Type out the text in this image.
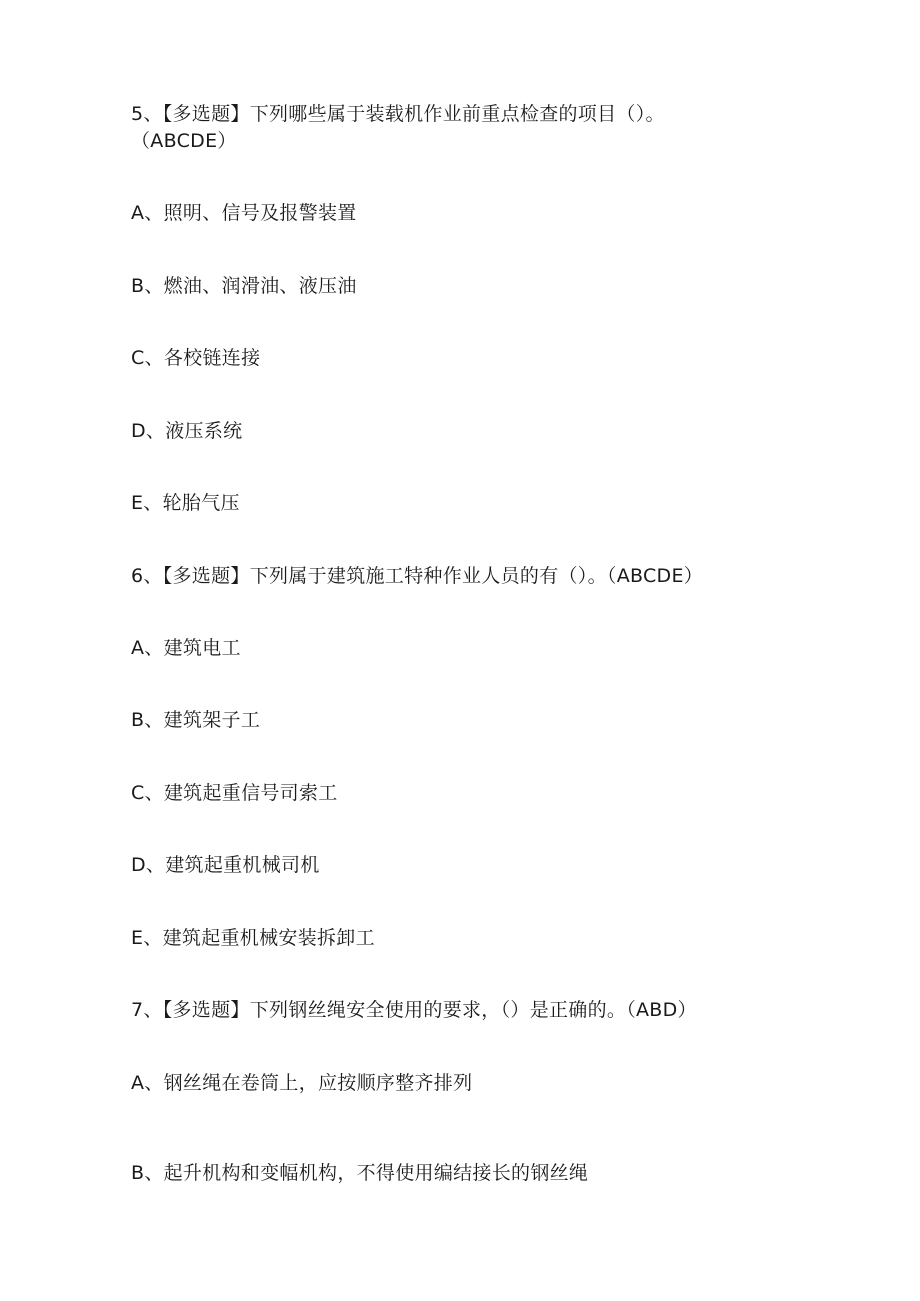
5、【多选题】下列哪些属于装载机作业前重点检查的项目（）。
（ABCDE）
A、照明、信号及报警装置
B、燃油、润滑油、液压油
C、各校链连接
D、液压系统
E、轮胎气压
6、【多选题】下列属于建筑施工特种作业人员的有（）。（ABCDE）
A、建筑电工
B、建筑架子工
C、建筑起重信号司索工
D、建筑起重机械司机
E、建筑起重机械安装拆卸工
7、【多选题】下列钢丝绳安全使用的要求，（）是正确的。（ABD）
A、钢丝绳在卷筒上，应按顺序整齐排列
B、起升机构和变幅机构，不得使用编结接长的钢丝绳
